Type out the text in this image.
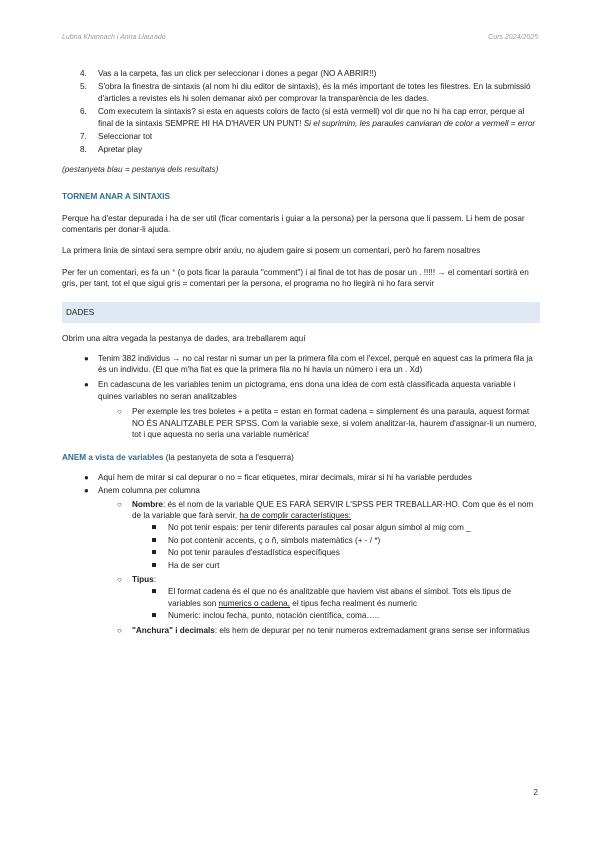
Lubna Khannach i Anna Llauradó	Curs 2024/2025
4. Vas a la carpeta, fas un click per seleccionar i dones a pegar (NO A ABRIR!!)
5. S'obra la finestra de sintaxis (al nom hi diu editor de sintaxis), és la més important de totes les filestres. En la submissió d'articles a revistes els hi solen demanar això per comprovar la transparència de les dades.
6. Com executem la sintaxis? si esta en aquests colors de facto (si està vermell) vol dir que no hi ha cap error, perque al final de la sintaxis SEMPRE HI HA D'HAVER UN PUNT! Si el suprimim, les paraules canviaran de color a vermell = error
7. Seleccionar tot
8. Apretar play

(pestanyeta blau = pestanya dels resultats)

TORNEM ANAR A SINTAXIS

Perque ha d'estar depurada i ha de ser util (ficar comentaris i guiar a la persona) per la persona que li passem. Li hem de posar comentaris per donar-li ajuda.

La primera linia de sintaxi sera sempre obrir arxiu, no ajudem gaire si posem un comentari, però ho farem nosaltres

Per fer un comentari, es fa un * (o pots ficar la paraula "comment") i al final de tot has de posar un . !!!!! → el comentari sortirà en gris, per tant, tot el que sigui gris = comentari per la persona, el programa no ho llegirà ni ho fara servir

DADES

Obrim una altra vegada la pestanya de dades, ara treballarem aquí

● Tenim 382 individus → no cal restar ni sumar un per la primera fila com el l'excel, perquè en aquest cas la primera fila ja és un individu. (El que m'ha fiat es que la primera fila no hi havia un número i era un . Xd)
● En cadascuna de les variables tenim un pictograma, ens dona una idea de com està classificada aquesta variable i quines variables no seran analitzables
○ Per exemple les tres boletes + a petita = estan en format cadena = simplement és una paraula, aquest format NO ÉS ANALITZABLE PER SPSS. Com la variable sexe, si volem analitzar-la, haurem d'assignar-li un numero, tot i que aquesta no seria una variable numèrica!

ANEM a vista de variables (la pestanyeta de sota a l'esquerra)

● Aquí hem de mirar si cal depurar o no = ficar etiquetes, mirar decimals, mirar si hi ha variable perdudes
● Anem columna per columna
○ Nombre: és el nom de la variable QUE ES FARÀ SERVIR L'SPSS PER TREBALLAR-HO. Com que és el nom de la variable que farà servir, ha de complir característiques:
No pot tenir espais: per tenir diferents paraules cal posar algun simbol al mig com _
No pot contenir accents, ç o ñ, simbols matemàtics (+ - / *)
No pot tenir paraules d'estadística específiques
Ha de ser curt
○ Tipus:
El format cadena és el que no és analitzable que haviem vist abans el símbol. Tots els tipus de variables son numerics o cadena, el tipus fecha realment és numeric
Numeric: inclou fecha, punto, notación científica, coma…..
○ "Anchura" i decimals: els hem de depurar per no tenir numeros extremadament grans sense ser informatius
2
